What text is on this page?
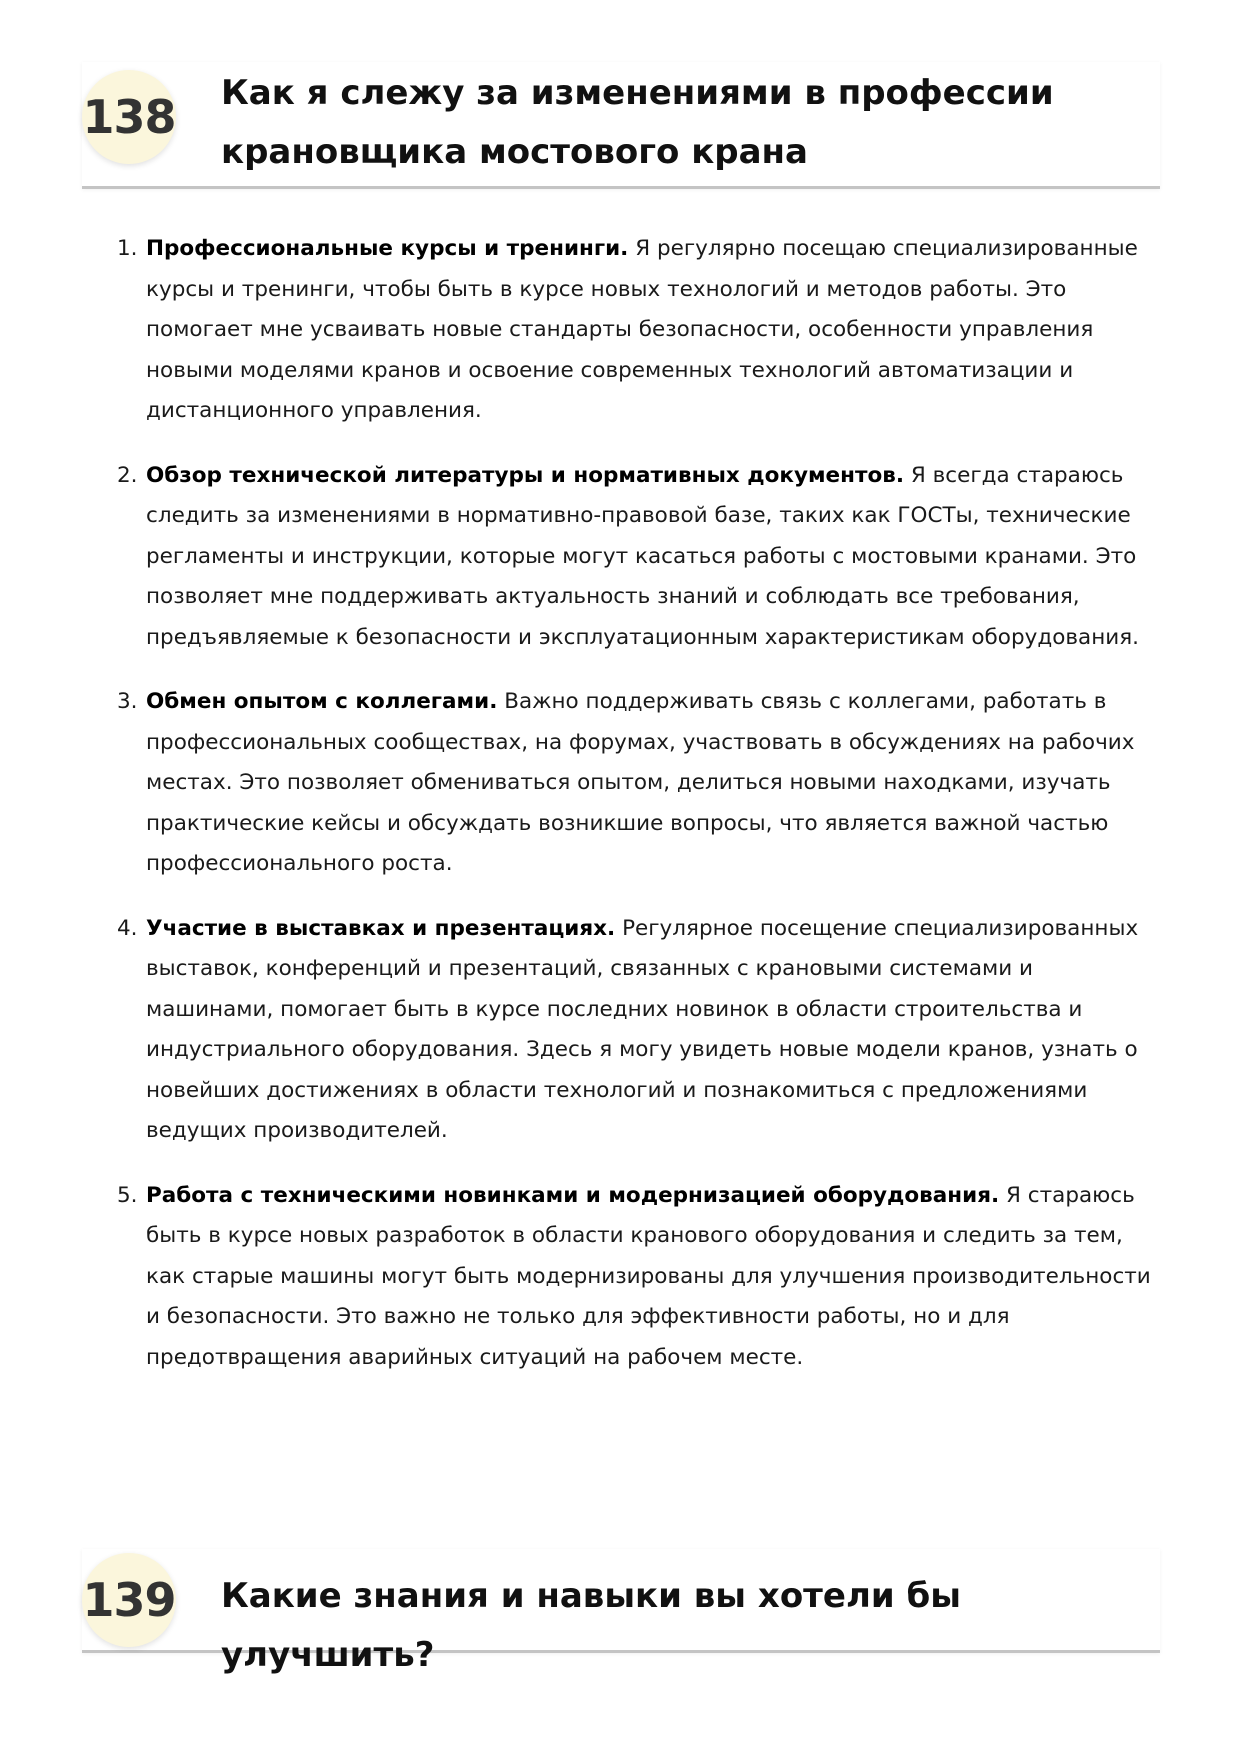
138 Как я слежу за изменениями в профессии
крановщика мостового крана
1. Профессиональные курсы и тренинги. Я регулярно посещаю специализированные курсы и тренинги, чтобы быть в курсе новых технологий и методов работы. Это помогает мне усваивать новые стандарты безопасности, особенности управления новыми моделями кранов и освоение современных технологий автоматизации и дистанционного управления.
2. Обзор технической литературы и нормативных документов. Я всегда стараюсь следить за изменениями в нормативно-правовой базе, таких как ГОСТы, технические регламенты и инструкции, которые могут касаться работы с мостовыми кранами. Это позволяет мне поддерживать актуальность знаний и соблюдать все требования, предъявляемые к безопасности и эксплуатационным характеристикам оборудования.
3. Обмен опытом с коллегами. Важно поддерживать связь с коллегами, работать в профессиональных сообществах, на форумах, участвовать в обсуждениях на рабочих местах. Это позволяет обмениваться опытом, делиться новыми находками, изучать практические кейсы и обсуждать возникшие вопросы, что является важной частью профессионального роста.
4. Участие в выставках и презентациях. Регулярное посещение специализированных выставок, конференций и презентаций, связанных с крановыми системами и машинами, помогает быть в курсе последних новинок в области строительства и индустриального оборудования. Здесь я могу увидеть новые модели кранов, узнать о новейших достижениях в области технологий и познакомиться с предложениями ведущих производителей.
5. Работа с техническими новинками и модернизацией оборудования. Я стараюсь быть в курсе новых разработок в области кранового оборудования и следить за тем, как старые машины могут быть модернизированы для улучшения производительности и безопасности. Это важно не только для эффективности работы, но и для предотвращения аварийных ситуаций на рабочем месте.
139 Какие знания и навыки вы хотели бы улучшить?
